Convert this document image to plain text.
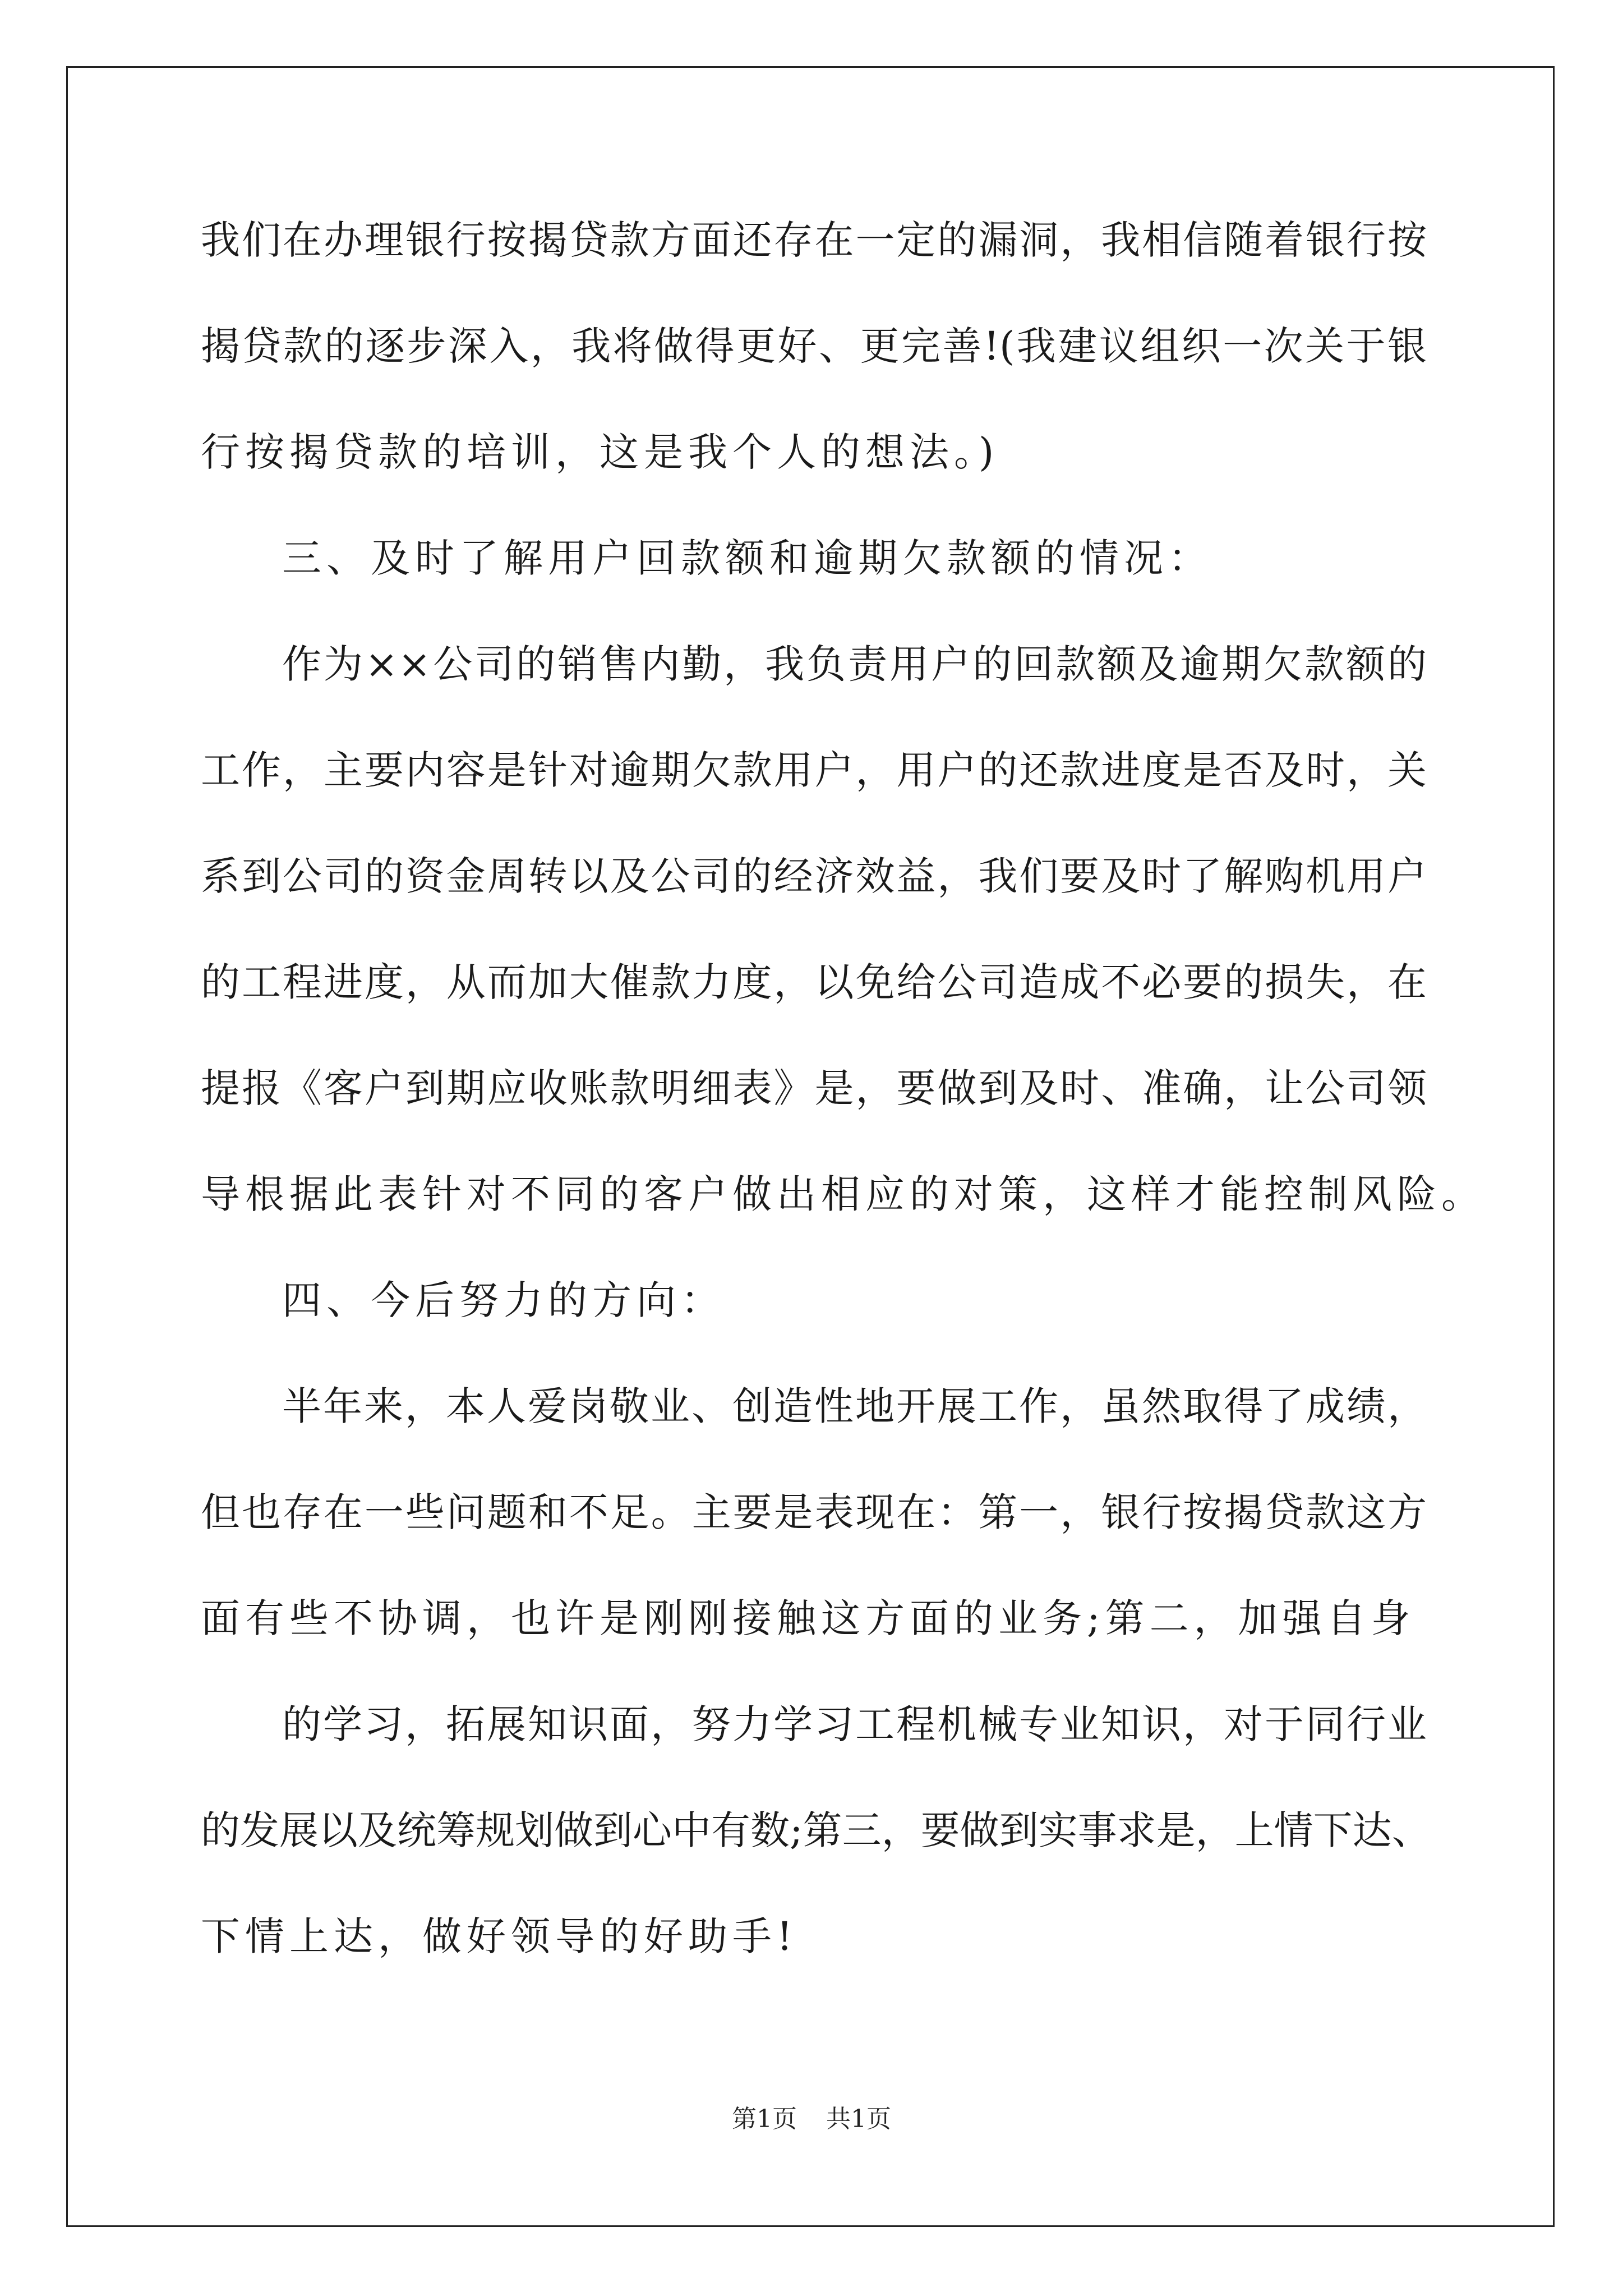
我们在办理银行按揭贷款方面还存在一定的漏洞，我相信随着银行按
揭贷款的逐步深入，我将做得更好、更完善!(我建议组织一次关于银
行按揭贷款的培训，这是我个人的想法。)
三、及时了解用户回款额和逾期欠款额的情况：
作为××公司的销售内勤，我负责用户的回款额及逾期欠款额的
工作，主要内容是针对逾期欠款用户，用户的还款进度是否及时，关
系到公司的资金周转以及公司的经济效益，我们要及时了解购机用户
的工程进度，从而加大催款力度，以免给公司造成不必要的损失，在
提报《客户到期应收账款明细表》是，要做到及时、准确，让公司领
导根据此表针对不同的客户做出相应的对策，这样才能控制风险。
四、今后努力的方向：
半年来，本人爱岗敬业、创造性地开展工作，虽然取得了成绩，
但也存在一些问题和不足。主要是表现在：第一，银行按揭贷款这方
面有些不协调，也许是刚刚接触这方面的业务;第二，加强自身
的学习，拓展知识面，努力学习工程机械专业知识，对于同行业
的发展以及统筹规划做到心中有数;第三，要做到实事求是，上情下达、
下情上达，做好领导的好助手!
第1页 共1页
